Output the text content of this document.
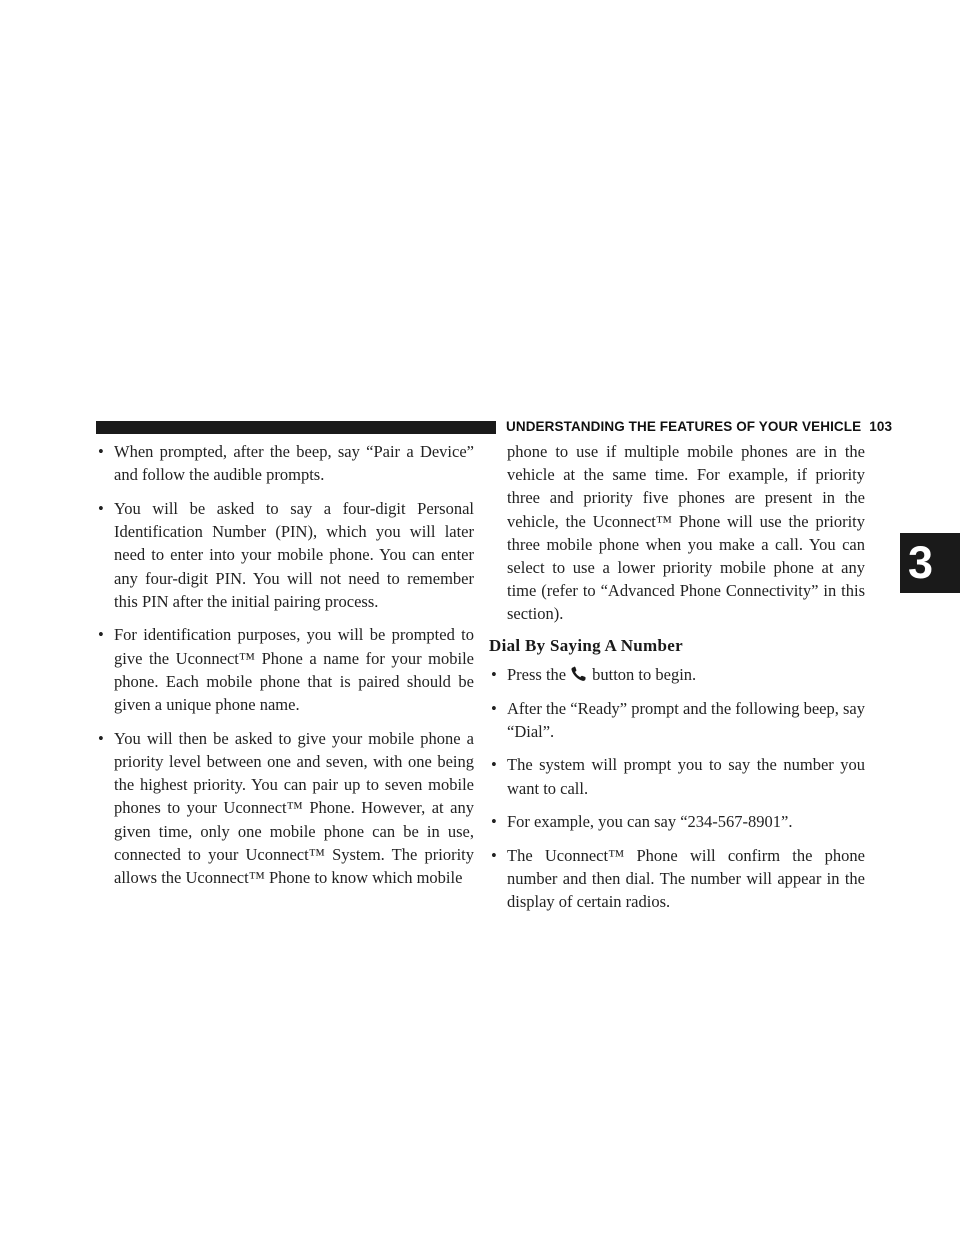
UNDERSTANDING THE FEATURES OF YOUR VEHICLE 103
3
• When prompted, after the beep, say “Pair a Device” and follow the audible prompts.
• You will be asked to say a four-digit Personal Identification Number (PIN), which you will later need to enter into your mobile phone. You can enter any four-digit PIN. You will not need to remember this PIN after the initial pairing process.
• For identification purposes, you will be prompted to give the Uconnect™ Phone a name for your mobile phone. Each mobile phone that is paired should be given a unique phone name.
• You will then be asked to give your mobile phone a priority level between one and seven, with one being the highest priority. You can pair up to seven mobile phones to your Uconnect™ Phone. However, at any given time, only one mobile phone can be in use, connected to your Uconnect™ System. The priority allows the Uconnect™ Phone to know which mobile
phone to use if multiple mobile phones are in the vehicle at the same time. For example, if priority three and priority five phones are present in the vehicle, the Uconnect™ Phone will use the priority three mobile phone when you make a call. You can select to use a lower priority mobile phone at any time (refer to “Advanced Phone Connectivity” in this section).
Dial By Saying A Number
• Press the button to begin.
• After the “Ready” prompt and the following beep, say “Dial”.
• The system will prompt you to say the number you want to call.
• For example, you can say “234-567-8901”.
• The Uconnect™ Phone will confirm the phone number and then dial. The number will appear in the display of certain radios.
